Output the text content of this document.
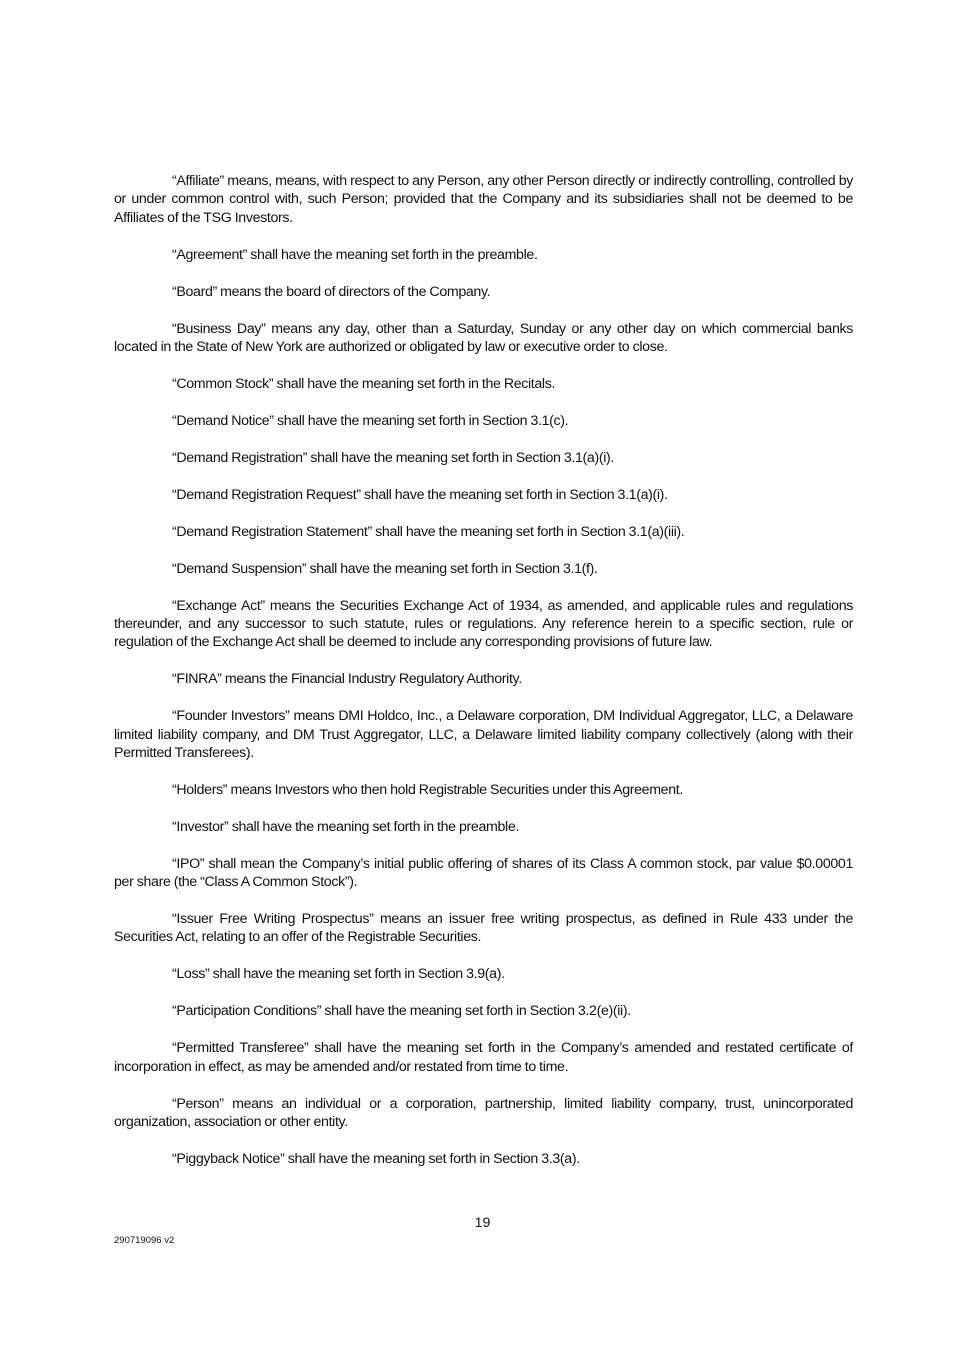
“Affiliate” means, means, with respect to any Person, any other Person directly or indirectly controlling, controlled by or under common control with, such Person; provided that the Company and its subsidiaries shall not be deemed to be Affiliates of the TSG Investors.

“Agreement” shall have the meaning set forth in the preamble.

“Board” means the board of directors of the Company.

“Business Day” means any day, other than a Saturday, Sunday or any other day on which commercial banks located in the State of New York are authorized or obligated by law or executive order to close.

“Common Stock” shall have the meaning set forth in the Recitals.

“Demand Notice” shall have the meaning set forth in Section 3.1(c).

“Demand Registration” shall have the meaning set forth in Section 3.1(a)(i).

“Demand Registration Request” shall have the meaning set forth in Section 3.1(a)(i).

“Demand Registration Statement” shall have the meaning set forth in Section 3.1(a)(iii).

“Demand Suspension” shall have the meaning set forth in Section 3.1(f).

“Exchange Act” means the Securities Exchange Act of 1934, as amended, and applicable rules and regulations thereunder, and any successor to such statute, rules or regulations. Any reference herein to a specific section, rule or regulation of the Exchange Act shall be deemed to include any corresponding provisions of future law.

“FINRA” means the Financial Industry Regulatory Authority.

“Founder Investors” means DMI Holdco, Inc., a Delaware corporation, DM Individual Aggregator, LLC, a Delaware limited liability company, and DM Trust Aggregator, LLC, a Delaware limited liability company collectively (along with their Permitted Transferees).

“Holders” means Investors who then hold Registrable Securities under this Agreement.

“Investor” shall have the meaning set forth in the preamble.

“IPO” shall mean the Company’s initial public offering of shares of its Class A common stock, par value $0.00001 per share (the “Class A Common Stock”).

“Issuer Free Writing Prospectus” means an issuer free writing prospectus, as defined in Rule 433 under the Securities Act, relating to an offer of the Registrable Securities.

“Loss” shall have the meaning set forth in Section 3.9(a).

“Participation Conditions” shall have the meaning set forth in Section 3.2(e)(ii).

“Permitted Transferee” shall have the meaning set forth in the Company’s amended and restated certificate of incorporation in effect, as may be amended and/or restated from time to time.

“Person” means an individual or a corporation, partnership, limited liability company, trust, unincorporated organization, association or other entity.

“Piggyback Notice” shall have the meaning set forth in Section 3.3(a).

19

290719096 v2
